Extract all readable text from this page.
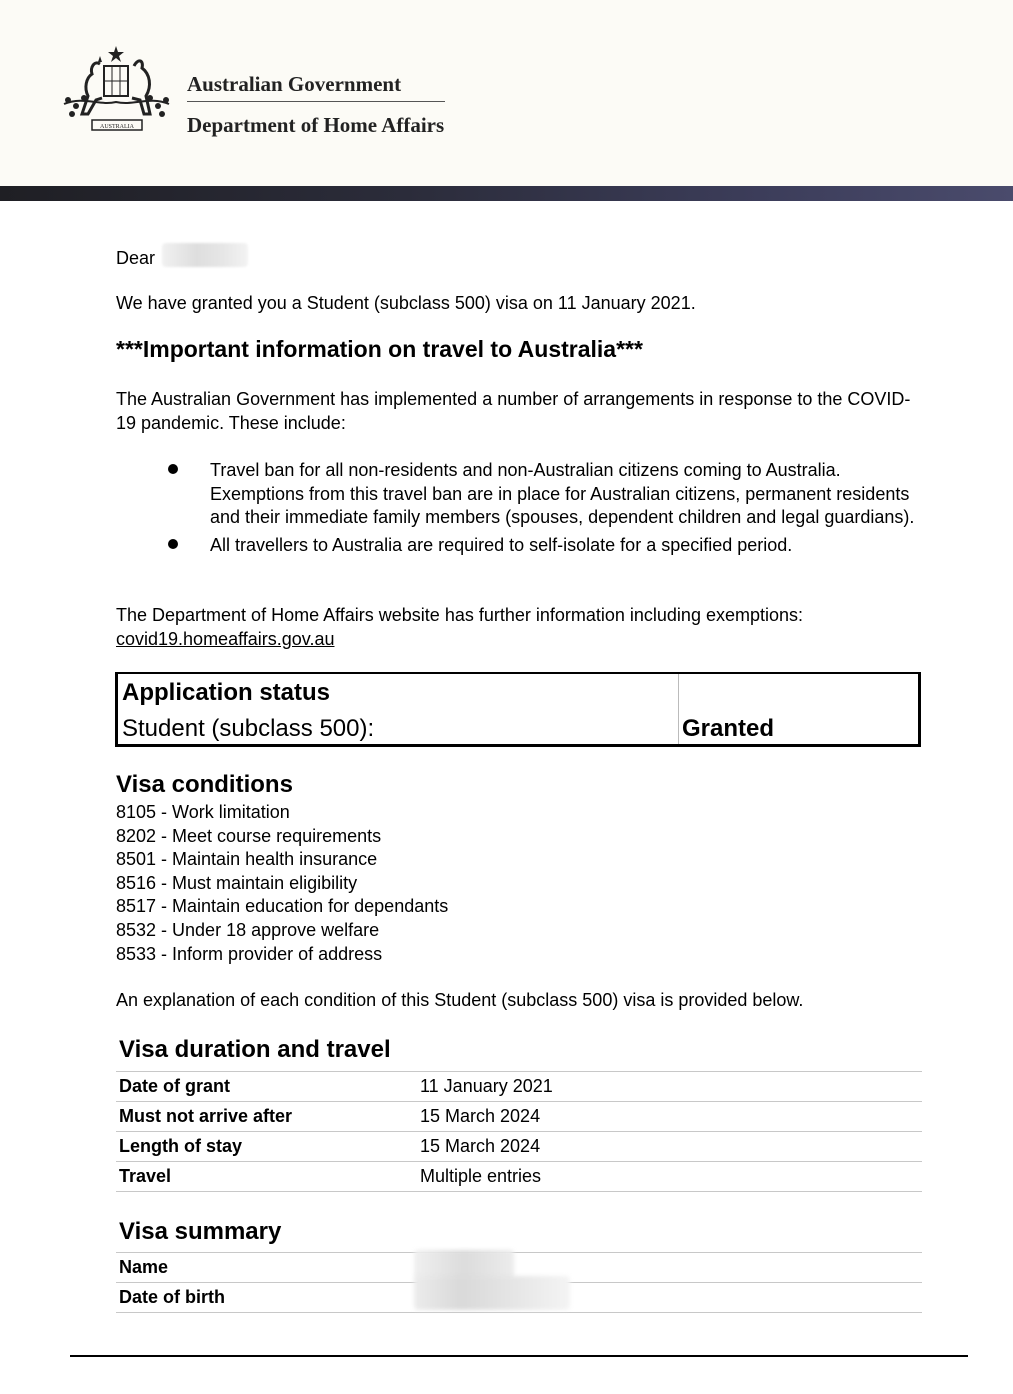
AUSTRALIA
Australian Government
Department of Home Affairs
Dear
We have granted you a Student (subclass 500) visa on 11 January 2021.
***Important information on travel to Australia***
The Australian Government has implemented a number of arrangements in response to the COVID-19 pandemic. These include:
Travel ban for all non-residents and non-Australian citizens coming to Australia. Exemptions from this travel ban are in place for Australian citizens, permanent residents and their immediate family members (spouses, dependent children and legal guardians).
All travellers to Australia are required to self-isolate for a specified period.
The Department of Home Affairs website has further information including exemptions:
covid19.homeaffairs.gov.au
Visa conditions
8105 - Work limitation
8202 - Meet course requirements
8501 - Maintain health insurance
8516 - Must maintain eligibility
8517 - Maintain education for dependants
8532 - Under 18 approve welfare
8533 - Inform provider of address
An explanation of each condition of this Student (subclass 500) visa is provided below.
Visa duration and travel
Visa summary
Application status
Student (subclass 500):	Granted
Date of grant	11 January 2021
Must not arrive after	15 March 2024
Length of stay	15 March 2024
Travel	Multiple entries
Name	
Date of birth	
